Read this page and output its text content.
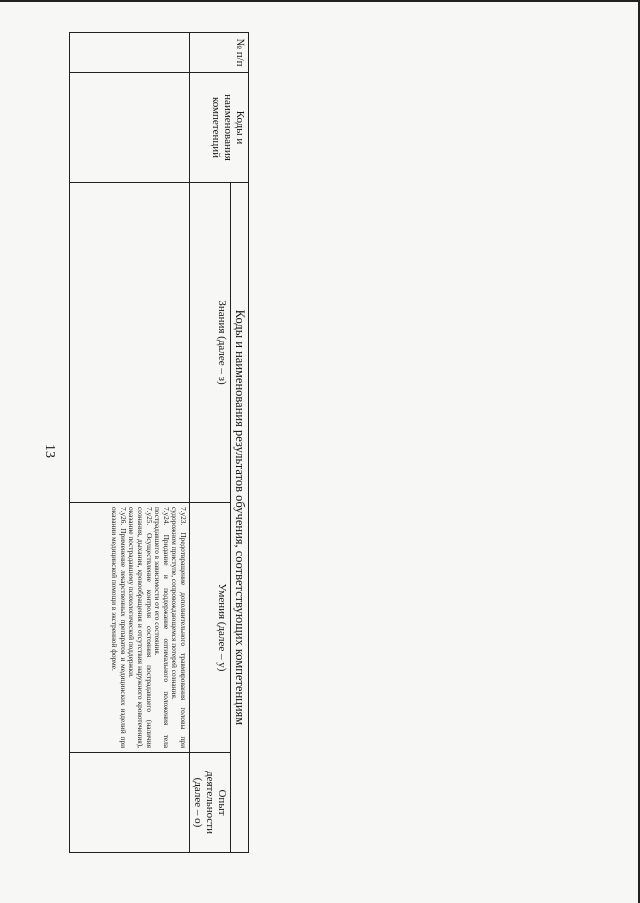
13
№ п/п	Коды и наименования компетенций	Коды и наименования результатов обучения, соответствующих компетенциям		
		Знания (далее – з)	Умения (далее – у)	Опыт деятельности (далее – о)

			7.у23. Предотвращение дополнительного травмирования головы при судорожном приступе, сопровождающемся потерей сознания.

7.у24. Придание и поддержание оптимального положения тела пострадавшего в зависимости от его состояния.

7.у25. Осуществление контроля состояния пострадавшего (наличия сознания, дыхания, кровообращения и отсутствия наружного кровотечения), оказание пострадавшему психологической поддержки.

7.у26. Применение лекарственных препаратов и медицинских изделий при оказании медицинской помощи в экстренной форме.	
